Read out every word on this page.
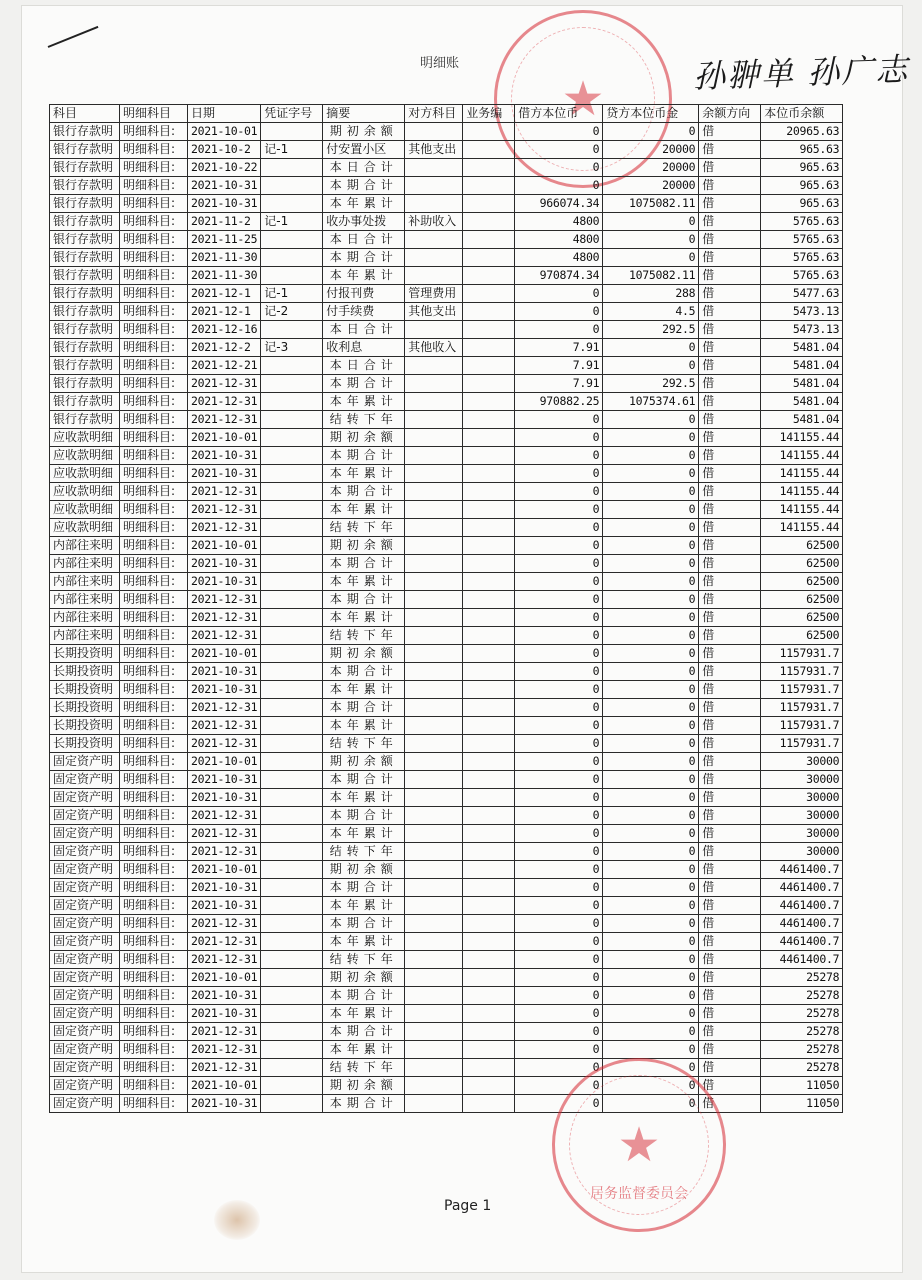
明细账	孙翀单 孙广志
★
科目	明细科目	日期	凭证字号	摘要	对方科目	业务编	借方本位币	贷方本位币金	余额方向	本位币余额
银行存款明	明细科目:	2021-10-01		期初余额			0	0	借	20965.63
银行存款明	明细科目:	2021-10-2	记-1	付安置小区	其他支出		0	20000	借	965.63
银行存款明	明细科目:	2021-10-22		本日合计			0	20000	借	965.63
银行存款明	明细科目:	2021-10-31		本期合计			0	20000	借	965.63
银行存款明	明细科目:	2021-10-31		本年累计			966074.34	1075082.11	借	965.63
银行存款明	明细科目:	2021-11-2	记-1	收办事处拨	补助收入		4800	0	借	5765.63
银行存款明	明细科目:	2021-11-25		本日合计			4800	0	借	5765.63
银行存款明	明细科目:	2021-11-30		本期合计			4800	0	借	5765.63
银行存款明	明细科目:	2021-11-30		本年累计			970874.34	1075082.11	借	5765.63
银行存款明	明细科目:	2021-12-1	记-1	付报刊费	管理费用		0	288	借	5477.63
银行存款明	明细科目:	2021-12-1	记-2	付手续费	其他支出		0	4.5	借	5473.13
银行存款明	明细科目:	2021-12-16		本日合计			0	292.5	借	5473.13
银行存款明	明细科目:	2021-12-2	记-3	收利息	其他收入		7.91	0	借	5481.04
银行存款明	明细科目:	2021-12-21		本日合计			7.91	0	借	5481.04
银行存款明	明细科目:	2021-12-31		本期合计			7.91	292.5	借	5481.04
银行存款明	明细科目:	2021-12-31		本年累计			970882.25	1075374.61	借	5481.04
银行存款明	明细科目:	2021-12-31		结转下年			0	0	借	5481.04
应收款明细	明细科目:	2021-10-01		期初余额			0	0	借	141155.44
应收款明细	明细科目:	2021-10-31		本期合计			0	0	借	141155.44
应收款明细	明细科目:	2021-10-31		本年累计			0	0	借	141155.44
应收款明细	明细科目:	2021-12-31		本期合计			0	0	借	141155.44
应收款明细	明细科目:	2021-12-31		本年累计			0	0	借	141155.44
应收款明细	明细科目:	2021-12-31		结转下年			0	0	借	141155.44
内部往来明	明细科目:	2021-10-01		期初余额			0	0	借	62500
内部往来明	明细科目:	2021-10-31		本期合计			0	0	借	62500
内部往来明	明细科目:	2021-10-31		本年累计			0	0	借	62500
内部往来明	明细科目:	2021-12-31		本期合计			0	0	借	62500
内部往来明	明细科目:	2021-12-31		本年累计			0	0	借	62500
内部往来明	明细科目:	2021-12-31		结转下年			0	0	借	62500
长期投资明	明细科目:	2021-10-01		期初余额			0	0	借	1157931.7
长期投资明	明细科目:	2021-10-31		本期合计			0	0	借	1157931.7
长期投资明	明细科目:	2021-10-31		本年累计			0	0	借	1157931.7
长期投资明	明细科目:	2021-12-31		本期合计			0	0	借	1157931.7
长期投资明	明细科目:	2021-12-31		本年累计			0	0	借	1157931.7
长期投资明	明细科目:	2021-12-31		结转下年			0	0	借	1157931.7
固定资产明	明细科目:	2021-10-01		期初余额			0	0	借	30000
固定资产明	明细科目:	2021-10-31		本期合计			0	0	借	30000
固定资产明	明细科目:	2021-10-31		本年累计			0	0	借	30000
固定资产明	明细科目:	2021-12-31		本期合计			0	0	借	30000
固定资产明	明细科目:	2021-12-31		本年累计			0	0	借	30000
固定资产明	明细科目:	2021-12-31		结转下年			0	0	借	30000
固定资产明	明细科目:	2021-10-01		期初余额			0	0	借	4461400.7
固定资产明	明细科目:	2021-10-31		本期合计			0	0	借	4461400.7
固定资产明	明细科目:	2021-10-31		本年累计			0	0	借	4461400.7
固定资产明	明细科目:	2021-12-31		本期合计			0	0	借	4461400.7
固定资产明	明细科目:	2021-12-31		本年累计			0	0	借	4461400.7
固定资产明	明细科目:	2021-12-31		结转下年			0	0	借	4461400.7
固定资产明	明细科目:	2021-10-01		期初余额			0	0	借	25278
固定资产明	明细科目:	2021-10-31		本期合计			0	0	借	25278
固定资产明	明细科目:	2021-10-31		本年累计			0	0	借	25278
固定资产明	明细科目:	2021-12-31		本期合计			0	0	借	25278
固定资产明	明细科目:	2021-12-31		本年累计			0	0	借	25278
固定资产明	明细科目:	2021-12-31		结转下年			0	0	借	25278
固定资产明	明细科目:	2021-10-01		期初余额			0	0	借	11050
固定资产明	明细科目:	2021-10-31		本期合计			0	0	借	11050
★
居务监督委员会
Page 1
